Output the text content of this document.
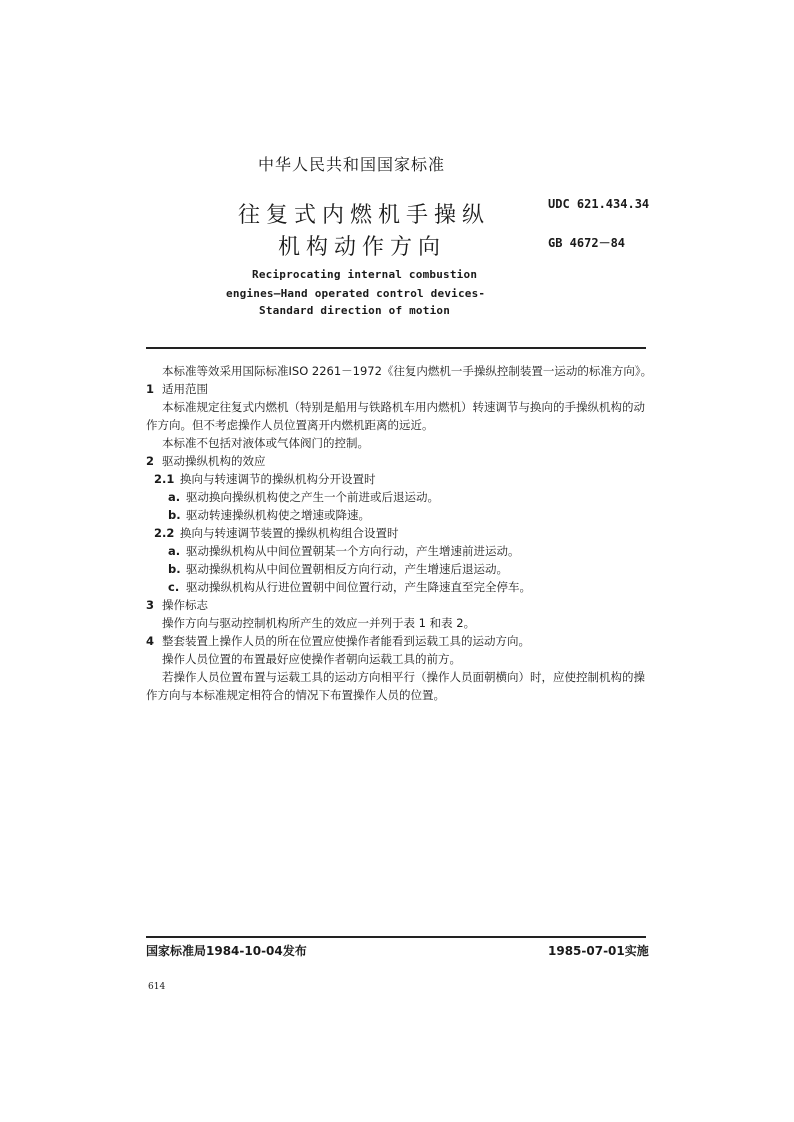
中华人民共和国国家标准
往复式内燃机手操纵
机构动作方向
UDC 621.434.34
GB 4672－84
Reciprocating internal combustion
engines—Hand operated control devices-
Standard direction of motion
本标准等效采用国际标准ISO 2261－1972《往复内燃机一手操纵控制装置一运动的标准方向》。
1 适用范围
本标准规定往复式内燃机（特别是船用与铁路机车用内燃机）转速调节与换向的手操纵机构的动
作方向。但不考虑操作人员位置离开内燃机距离的远近。
本标准不包括对液体或气体阀门的控制。
2 驱动操纵机构的效应
2.1 换向与转速调节的操纵机构分开设置时
a. 驱动换向操纵机构使之产生一个前进或后退运动。
b. 驱动转速操纵机构使之增速或降速。
2.2 换向与转速调节装置的操纵机构组合设置时
a. 驱动操纵机构从中间位置朝某一个方向行动，产生增速前进运动。
b. 驱动操纵机构从中间位置朝相反方向行动，产生增速后退运动。
c. 驱动操纵机构从行进位置朝中间位置行动，产生降速直至完全停车。
3 操作标志
操作方向与驱动控制机构所产生的效应一并列于表 1 和表 2。
4 整套装置上操作人员的所在位置应使操作者能看到运载工具的运动方向。
操作人员位置的布置最好应使操作者朝向运载工具的前方。
若操作人员位置布置与运载工具的运动方向相平行（操作人员面朝横向）时，应使控制机构的操
作方向与本标准规定相符合的情况下布置操作人员的位置。
国家标准局1984-10-04发布	1985-07-01实施
614
